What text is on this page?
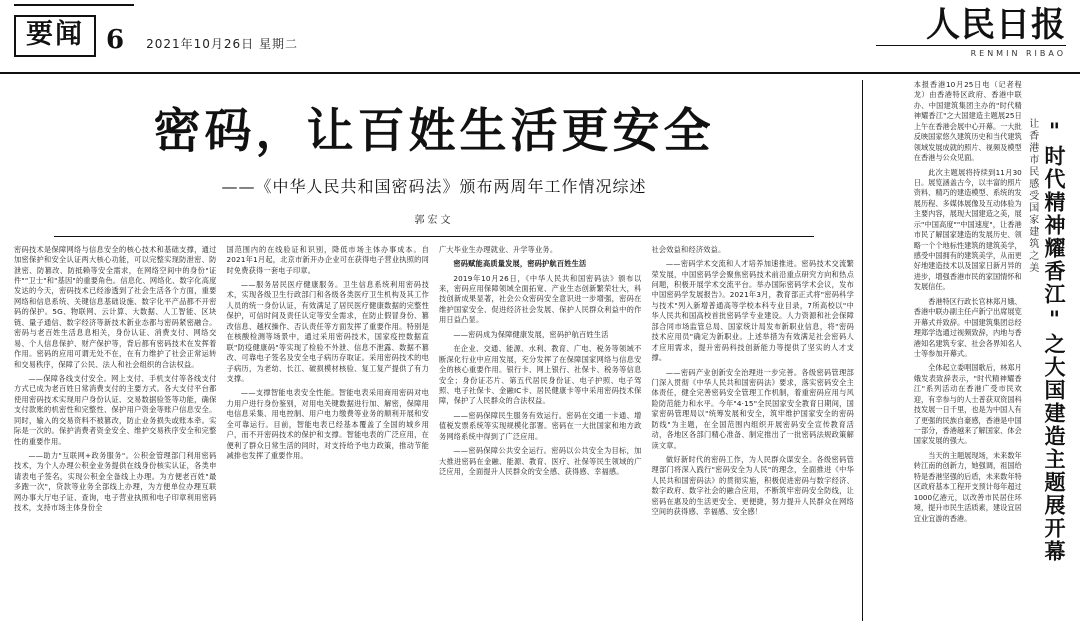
要闻 6 2021年10月26日 星期二	人民日报
RENMIN RIBAO
密码，让百姓生活更安全
——《中华人民共和国密码法》颁布两周年工作情况综述
郭宏文

密码技术是保障网络与信息安全的核心技术和基础支撑，通过加密保护和安全认证两大核心功能，可以完整实现防泄密、防泄密、防篡改、防抵赖等安全需求，在网络空间中的身份"证件""卫士"和"基因"的重要角色。信息化、网络化、数字化高度发达的今天，密码技术已经渗透到了社会生活各个方面，重要网络和信息系统、关键信息基础设施、数字化平产品都不开密码的保护。5G、物联网、云计算、大数据、人工智能、区块链、量子通信、数字经济等新技术新业态都与密码紧密融合。密码与老百姓生活息息相关，身份认证、消费支付、网络交易、个人信息保护、财产保护等，背后都有密码技术在发挥着作用。密码的应用可谓无处不在，在有力维护了社会正常运转和交易秩序，保障了公民、法人和社会组织的合法权益。

——保障各线支付安全。网上支付、手机支付等各线支付方式已成为老百姓日常消费支付的主要方式。各大支付平台都使用密码技术实现用户身份认证、交易数据验签等功能，确保支付款账的机密性和完整性、保护用户资金等账户信息安全。同时，输入的交易资料不被篡改，防止业务损失或账本牵。实际是一次的。保护消费者资金安全、维护交易秩序安全和完整性的重要作用。

——助力"互联网+政务服务"。公积金管理部门利用密码技术，为个人办理公积金业务提供在线身份核实认证，各类申请表电子签名，实现公积金全备线上办理。为方便老百姓"最多跑一次"，贷款等业务全部线上办理，为方便单位办理互联网办事大厅电子证、查询，电子营业执照和电子印章利用密码技术，支持市场主体身份全

国范围内的在线验证和识别，降低市场主体办事成本。自2021年1月起，北京市新开办企业可在获得电子营业执照的同时免费获得一套电子印章。

——服务居民医疗健康服务。卫生信息系统利用密码技术，实现各级卫生行政部门和各级各类医疗卫生机构及其工作人员的统一身份认证，有效满足了居民医疗健康数据的完整性保护，可信时间及责任认定等安全需求，在防止假冒身份、篡改信息、越权操作、否认责任等方面发挥了重要作用。特别是在核酸检测等场景中，通过采用密码技术，国家疫控数据直联"防疫健康码"等实现了检验不外泄、信息不泄露、数据不篡改、可靠电子签名及安全电子病历存取证。采用密码技术的电子病历，为老幼、长江、破损模材核验、复工复产提供了有力支撑。

——支撑智能电表安全性能。智能电表采用商用密码对电力用户进行身份鉴别，对用电关键数据进行加、解密，保障用电信息采集、用电控制、用户电力缴费等业务的顺利开展和安全可靠运行。目前，智能电表已经基本覆盖了全国的城乡用户，而不开密码技术的保护和支撑。智能电表的广泛应用，在便利了群众日常生活的同时，对支持给予电力政策，推动节能减排也发挥了重要作用。

广大毕业生办理就业、升学等业务。

密码赋能高质量发展，密码护航百姓生活

2019年10月26日，《中华人民共和国密码法》颁布以来，密码应用保障领域全面拓宽、产业生态创新繁荣壮大，科技创新成果显著，社会公众密码安全意识进一步增强，密码在维护国家安全、促进经济社会发展、保护人民群众利益中的作用日益凸显。

——密码成为保障健康发展，密码护航百姓生活

在企业、交通、能源、水利、教育、广电、税务等领域不断深化行业中应用发展，充分发挥了在保障国家网络与信息安全的核心重要作用。银行卡、网上银行、社保卡、税务等信息安全；身份证芯片、第五代居民身份证、电子护照、电子驾照、电子社保卡、金融IC卡、居民健康卡等中采用密码技术保障，保护了人民群众的合法权益。

——密码保障民生服务有效运行。密码在交通一卡通、增值税发票系统等实现规模化部署。密码在一大批国家和地方政务网络系统中得到了广泛应用。

——密码保障公共安全运行。密码以公共安全为目标，加大推进密码在金融、能源、教育、医疗、社保等民生领域的广泛应用，全面提升人民群众的安全感、获得感、幸福感。

社会效益和经济效益。

——密码学术交流和人才培养加速推进。密码技术交流繁荣发展，中国密码学会聚焦密码技术前沿重点研究方向和热点问题，积极开展学术交流平台。举办国际密码学术会议，发布中国密码学发展报告》。2021年3月，教育部正式将"密码科学与技术"列入新增普通高等学校本科专业目录，7所高校以"中华人民共和国高校首批密码学专业建设。人力资源和社会保障部合同市场监管总局、国家统计局发布新职业信息，将"密码技术应用员"确定为新职业。上述举措为有效满足社会密码人才应用需求，提升密码科技创新能力等提供了坚实的人才支撑。

——密码产业创新安全治理进一步完善。各级密码管理部门深入贯彻《中华人民共和国密码法》要求，落实密码安全主体责任，健全完善密码安全管理工作机制，着重密码应用与风险防范能力和水平。今年"4·15"全民国家安全教育日期间，国家密码管理局以"统筹发展和安全，筑牢维护国家安全的密码防线"为主题，在全国范围内组织开展密码安全宣传教育活动，各地区各部门精心准备、制定推出了一批密码法规政策解读文章。

做好新时代的密码工作，为人民群众谋安全。各级密码管理部门将深入践行"密码安全为人民"的理念，全面推进《中华人民共和国密码法》的贯彻实施，积极促进密码与数字经济、数字政府、数字社会的融合应用，不断筑牢密码安全防线，让密码在惠及的生活更安全、更便捷，努力提升人民群众在网络空间的获得感、幸福感、安全感！

让香港市民感受国家建筑之美 "时代精神耀香江"之大国建造主题展开幕

本报香港10月25日电（记者程龙）由香港特区政府、香港中联办、中国建筑集团主办的"时代精神耀香江"之大国建造主题展25日上午在香港会展中心开幕。一大批反映国家悠久建筑历史和当代建筑领域发展成就的照片、视频及模型在香港与公众见面。

此次主题展将持续到11月30日。展览涵盖古今，以丰富的照片资料、精巧的建造模型、系统的发展历程、多媒体展像及互动体验为主要内容，展现大国建造之美，展示"中国高度""中国速度"，让香港市民了解国家建造的发展历史、领略一个个地标性建筑的建筑美学，感受中国拥有的建筑美学，从而更好地建造技术以及国家日新月异的进步，增强香港市民的家国情怀和发展信任。

香港特区行政长官林郑月娥、香港中联办副主任卢新宁出席展览开幕式并致辞。中国建筑集团总经理郑学选通过视频致辞，内地与香港知名建筑专家、社会各界知名人士等参加开幕式。

全体起立委唱国歌后，林郑月娥发表致辞表示，"时代精神耀香江"系列活动在香港广受市民欢迎，有幸参与的人士普获双资国科技发展一日千里，也是为中国人有了更强的民族自豪感，香港是中国一部分，香港越来了解国家、体会国家发展的强大。

当天的主题展现场，未来数年转江南的创新力，她强调，祖国给特是香港坚强的后盾，未来数年特区政府基本工程开支预计每年超过1000亿港元，以改善市民居住环境，提升市民生活质素，建设宜居宜业宜游的香港。
